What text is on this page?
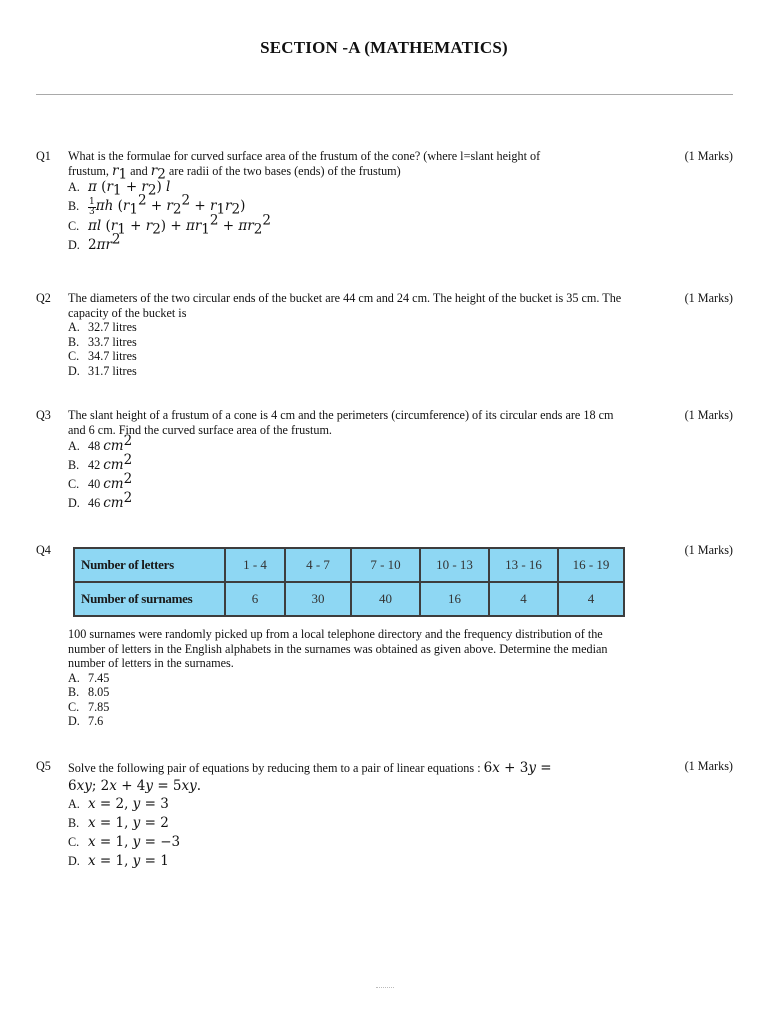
SECTION -A (MATHEMATICS)
Q1	(1 Marks)
What is the formulae for curved surface area of the frustum of the cone? (where l=slant height of
frustum, $r_1$ and $r_2$ are radii of the two bases (ends) of the frustum)
A. π $(r_1 + r_2)$ l
B. $\frac{1}{3}$ πh $(r_1^2 + r_2^2 + r_1r_2)$
C. πl $(r_1 + r_2) + \pi r_1^2 + \pi r_2^2$
D. $2\pi r^2$
Q2	(1 Marks)
The diameters of the two circular ends of the bucket are 44 cm and 24 cm. The height of the bucket is 35 cm. The capacity of the bucket is
A. 32.7 litres
B. 33.7 litres
C. 34.7 litres
D. 31.7 litres
Q3	(1 Marks)
The slant height of a frustum of a cone is 4 cm and the perimeters (circumference) of its circular ends are 18 cm and 6 cm. Find the curved surface area of the frustum.
A. 48 $cm^2$
B. 42 $cm^2$
C. 40 $cm^2$
D. 46 $cm^2$
Q4	(1 Marks)
Number of letters	1 - 4	4 - 7	7 - 10	10 - 13	13 - 16	16 - 19
Number of surnames	6	30	40	16	4	4
100 surnames were randomly picked up from a local telephone directory and the frequency distribution of the number of letters in the English alphabets in the surnames was obtained as given above. Determine the median number of letters in the surnames.
A. 7.45
B. 8.05
C. 7.85
D. 7.6
Q5	(1 Marks)
Solve the following pair of equations by reducing them to a pair of linear equations : 6x + 3y =
6xy; 2x + 4y = 5xy.
A. x = 2, y = 3
B. x = 1, y = 2
C. x = 1, y = −3
D. x = 1, y = 1
